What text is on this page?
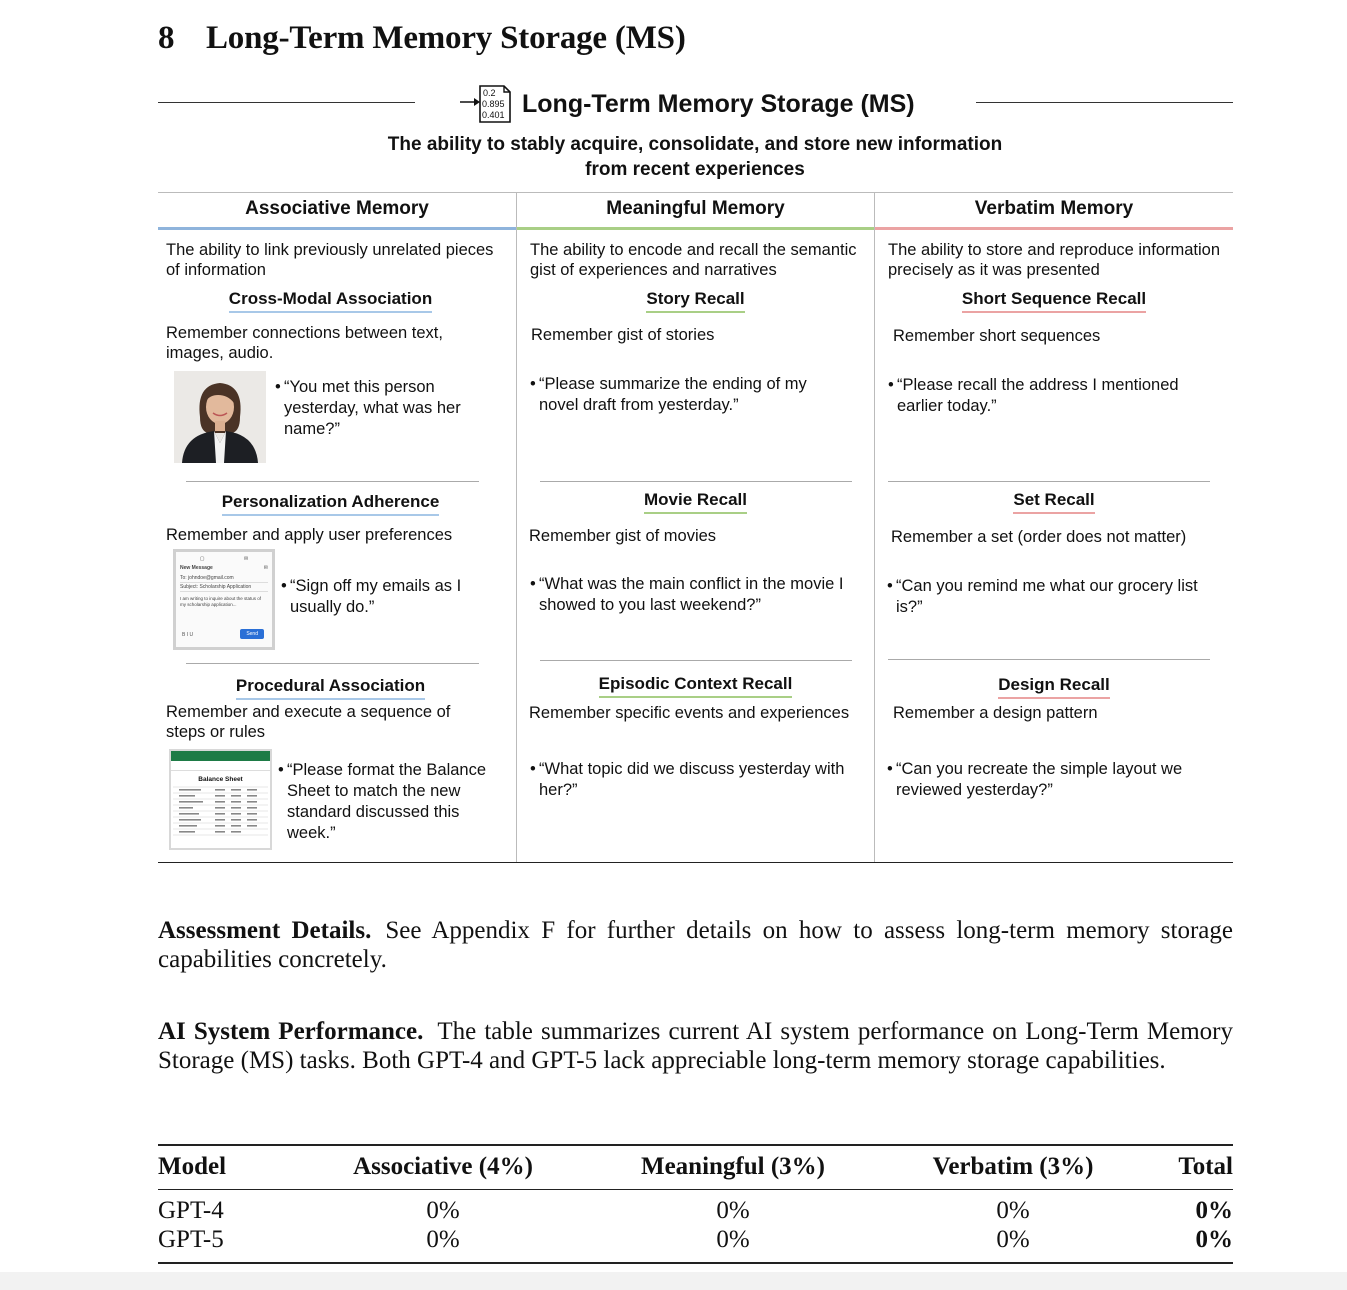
8 Long-Term Memory Storage (MS)
0.2
0.895
0.401 Long-Term Memory Storage (MS)
The ability to stably acquire, consolidate, and store new information
from recent experiences
Associative Memory
The ability to link previously unrelated pieces of information
Cross-Modal Association
Remember connections between text, images, audio.
• “You met this person yesterday, what was her name?”
Personalization Adherence
Remember and apply user preferences
▢	✉
New Message	✉
To: johndoe@gmail.com
Subject: Scholarship Application
I am writing to inquire about the status of my scholarship application...
B I U	Send
• “Sign off my emails as I usually do.”
Procedural Association
Remember and execute a sequence of steps or rules
Balance Sheet
• “Please format the Balance Sheet to match the new standard discussed this week.”
Meaningful Memory
The ability to encode and recall the semantic gist of experiences and narratives
Story Recall
Remember gist of stories
• “Please summarize the ending of my novel draft from yesterday.”
Movie Recall
Remember gist of movies
• “What was the main conflict in the movie I showed to you last weekend?”
Episodic Context Recall
Remember specific events and experiences
• “What topic did we discuss yesterday with her?”
Verbatim Memory
The ability to store and reproduce information precisely as it was presented
Short Sequence Recall
Remember short sequences
• “Please recall the address I mentioned earlier today.”
Set Recall
Remember a set (order does not matter)
• “Can you remind me what our grocery list is?”
Design Recall
Remember a design pattern
• “Can you recreate the simple layout we reviewed yesterday?”
Assessment Details. See Appendix F for further details on how to assess long-term memory storage capabilities concretely.
AI System Performance. The table summarizes current AI system performance on Long-Term Memory Storage (MS) tasks. Both GPT-4 and GPT-5 lack appreciable long-term memory storage capabilities.
Model	Associative (4%)	Meaningful (3%)	Verbatim (3%)	Total

GPT-4	0%	0%	0%	0%
GPT-5	0%	0%	0%	0%
